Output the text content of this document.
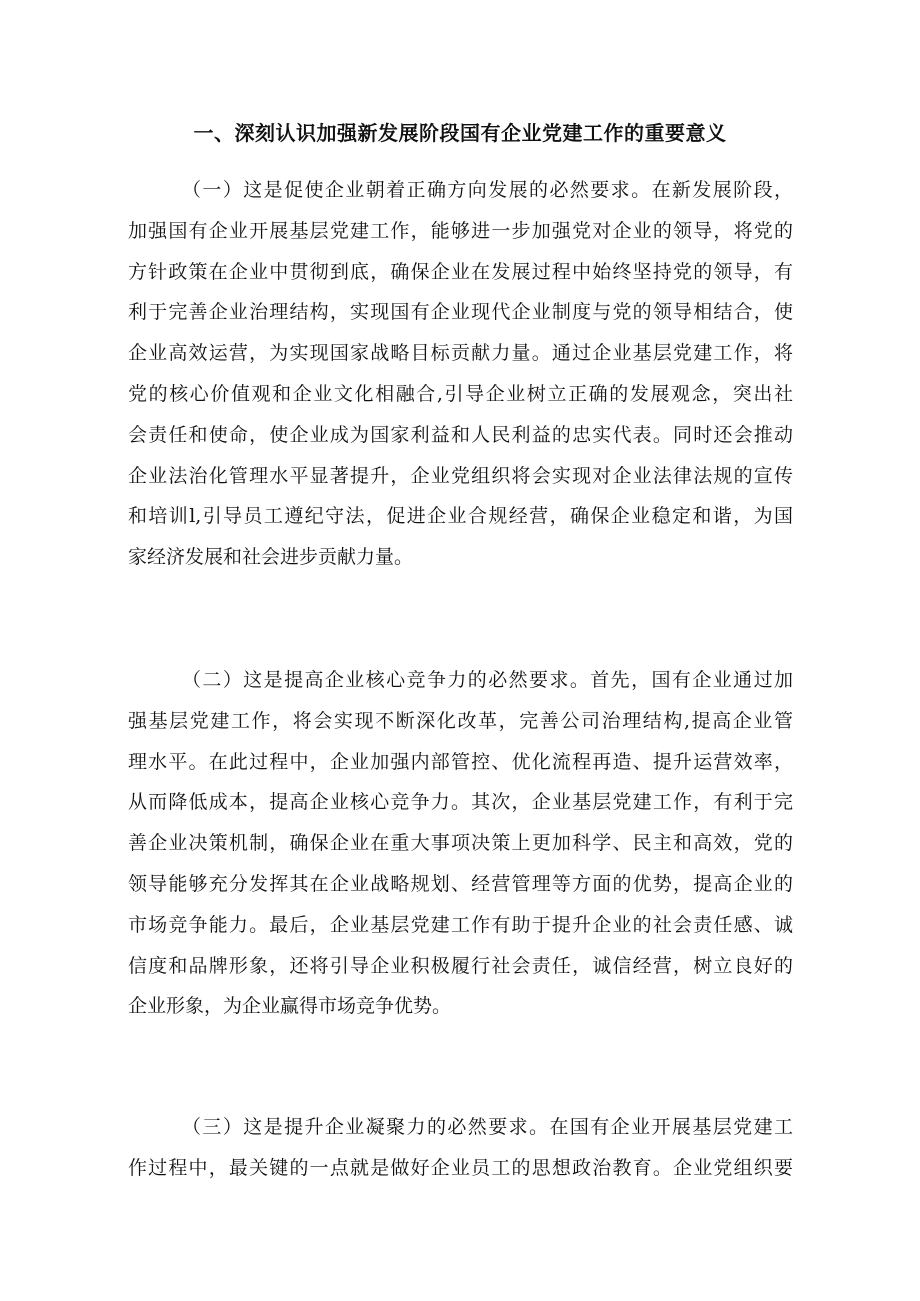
一、深刻认识加强新发展阶段国有企业党建工作的重要意义
（一）这是促使企业朝着正确方向发展的必然要求。在新发展阶段，
加强国有企业开展基层党建工作，能够进一步加强党对企业的领导，将党的
方针政策在企业中贯彻到底，确保企业在发展过程中始终坚持党的领导，有
利于完善企业治理结构，实现国有企业现代企业制度与党的领导相结合，使
企业高效运营，为实现国家战略目标贡献力量。通过企业基层党建工作，将
党的核心价值观和企业文化相融合,引导企业树立正确的发展观念，突出社
会责任和使命，使企业成为国家利益和人民利益的忠实代表。同时还会推动
企业法治化管理水平显著提升，企业党组织将会实现对企业法律法规的宣传
和培训l,引导员工遵纪守法，促进企业合规经营，确保企业稳定和谐，为国
家经济发展和社会进步贡献力量。
（二）这是提高企业核心竞争力的必然要求。首先，国有企业通过加
强基层党建工作，将会实现不断深化改革，完善公司治理结构,提高企业管
理水平。在此过程中，企业加强内部管控、优化流程再造、提升运营效率，
从而降低成本，提高企业核心竞争力。其次，企业基层党建工作，有利于完
善企业决策机制，确保企业在重大事项决策上更加科学、民主和高效，党的
领导能够充分发挥其在企业战略规划、经营管理等方面的优势，提高企业的
市场竞争能力。最后，企业基层党建工作有助于提升企业的社会责任感、诚
信度和品牌形象，还将引导企业积极履行社会责任，诚信经营，树立良好的
企业形象，为企业赢得市场竞争优势。
（三）这是提升企业凝聚力的必然要求。在国有企业开展基层党建工
作过程中，最关键的一点就是做好企业员工的思想政治教育。企业党组织要
